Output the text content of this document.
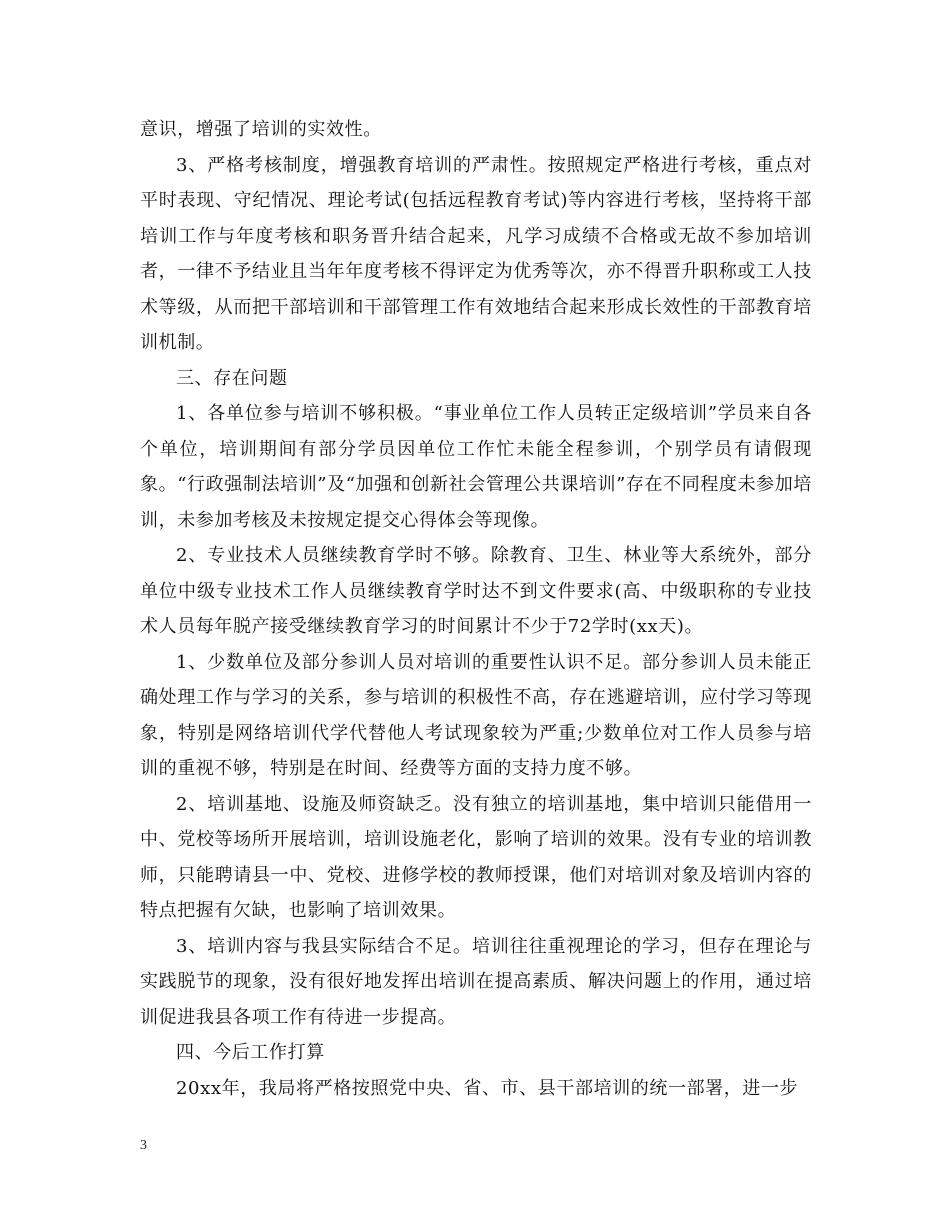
意识，增强了培训的实效性。

3、严格考核制度，增强教育培训的严肃性。按照规定严格进行考核，重点对平时表现、守纪情况、理论考试(包括远程教育考试)等内容进行考核，坚持将干部培训工作与年度考核和职务晋升结合起来，凡学习成绩不合格或无故不参加培训者，一律不予结业且当年年度考核不得评定为优秀等次，亦不得晋升职称或工人技术等级，从而把干部培训和干部管理工作有效地结合起来形成长效性的干部教育培训机制。

三、存在问题

1、各单位参与培训不够积极。“事业单位工作人员转正定级培训”学员来自各个单位，培训期间有部分学员因单位工作忙未能全程参训，个别学员有请假现象。“行政强制法培训”及“加强和创新社会管理公共课培训”存在不同程度未参加培训，未参加考核及未按规定提交心得体会等现像。

2、专业技术人员继续教育学时不够。除教育、卫生、林业等大系统外，部分单位中级专业技术工作人员继续教育学时达不到文件要求(高、中级职称的专业技术人员每年脱产接受继续教育学习的时间累计不少于72学时(xx天)。

1、少数单位及部分参训人员对培训的重要性认识不足。部分参训人员未能正确处理工作与学习的关系，参与培训的积极性不高，存在逃避培训，应付学习等现象，特别是网络培训代学代替他人考试现象较为严重;少数单位对工作人员参与培训的重视不够，特别是在时间、经费等方面的支持力度不够。

2、培训基地、设施及师资缺乏。没有独立的培训基地，集中培训只能借用一中、党校等场所开展培训，培训设施老化，影响了培训的效果。没有专业的培训教师，只能聘请县一中、党校、进修学校的教师授课，他们对培训对象及培训内容的特点把握有欠缺，也影响了培训效果。

3、培训内容与我县实际结合不足。培训往往重视理论的学习，但存在理论与实践脱节的现象，没有很好地发挥出培训在提高素质、解决问题上的作用，通过培训促进我县各项工作有待进一步提高。

四、今后工作打算

20xx年，我局将严格按照党中央、省、市、县干部培训的统一部署，进一步

3
